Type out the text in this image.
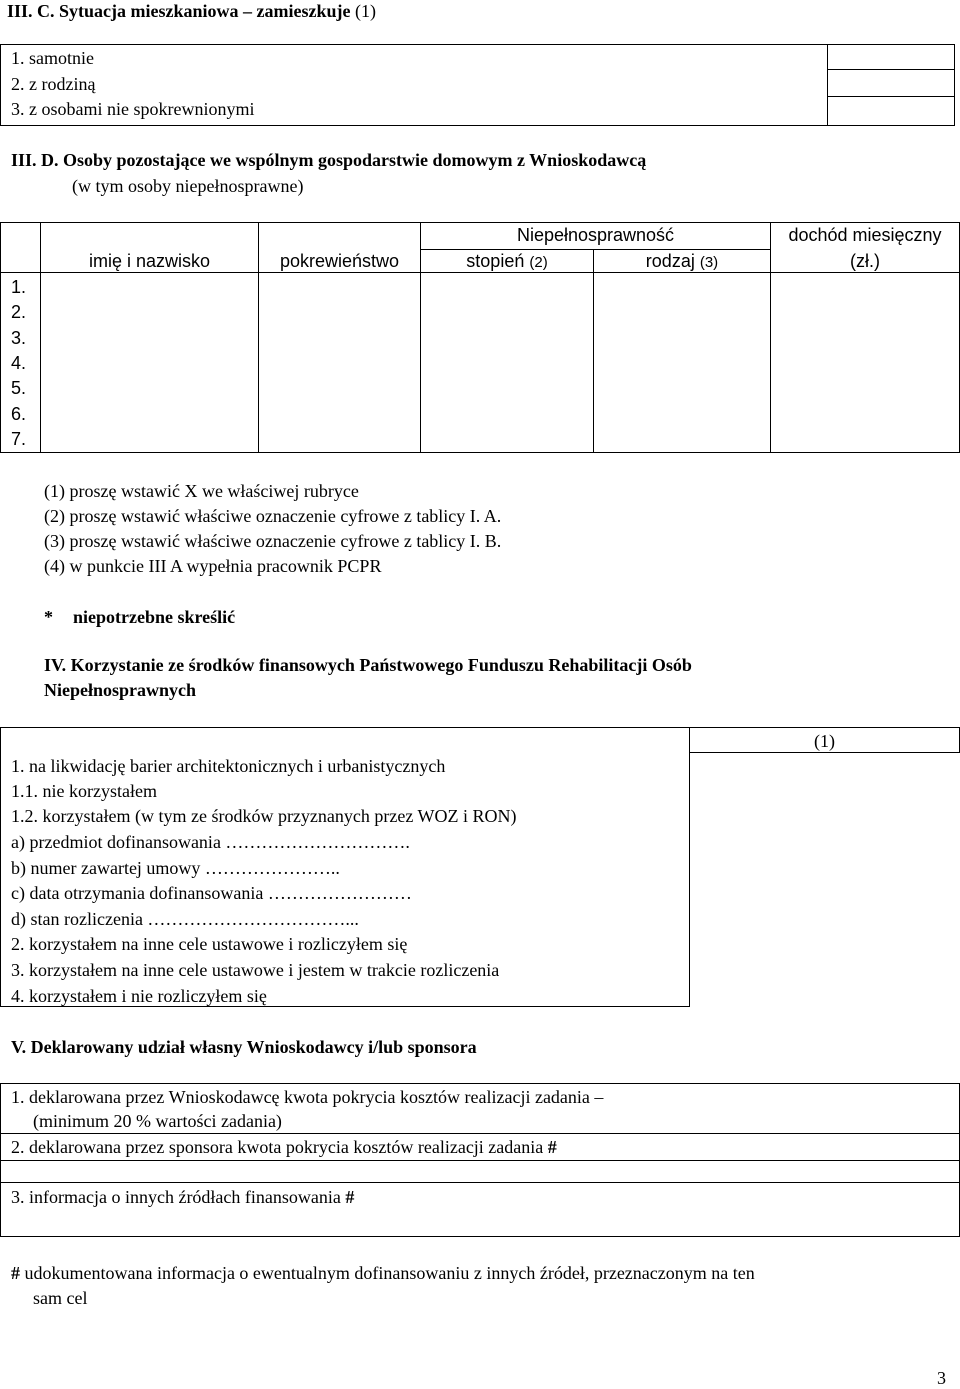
III. C. Sytuacja mieszkaniowa – zamieszkuje (1)
1. samotnie
2. z rodziną
3. z osobami nie spokrewnionymi
III. D. Osoby pozostające we wspólnym gospodarstwie domowym z Wnioskodawcą
(w tym osoby niepełnosprawne)
imię i nazwisko	pokrewieństwo
Niepełnosprawność
stopień (2)	rodzaj (3)
dochód miesięczny
(zł.)
1.
2.
3.
4.
5.
6.
7.
(1) proszę wstawić X we właściwej rubryce
(2) proszę wstawić właściwe oznaczenie cyfrowe z tablicy I. A.
(3) proszę wstawić właściwe oznaczenie cyfrowe z tablicy I. B.
(4) w punkcie III A wypełnia pracownik PCPR
* niepotrzebne skreślić
IV. Korzystanie ze środków finansowych Państwowego Funduszu Rehabilitacji Osób
Niepełnosprawnych
(1)
1. na likwidację barier architektonicznych i urbanistycznych
1.1. nie korzystałem
1.2. korzystałem (w tym ze środków przyznanych przez WOZ i RON)
a) przedmiot dofinansowania ………………………….
b) numer zawartej umowy …………………..
c) data otrzymania dofinansowania ……………………
d) stan rozliczenia ……………………………...
2. korzystałem na inne cele ustawowe i rozliczyłem się
3. korzystałem na inne cele ustawowe i jestem w trakcie rozliczenia
4. korzystałem i nie rozliczyłem się
V. Deklarowany udział własny Wnioskodawcy i/lub sponsora
1. deklarowana przez Wnioskodawcę kwota pokrycia kosztów realizacji zadania –
(minimum 20 % wartości zadania)
2. deklarowana przez sponsora kwota pokrycia kosztów realizacji zadania #
3. informacja o innych źródłach finansowania #
# udokumentowana informacja o ewentualnym dofinansowaniu z innych źródeł, przeznaczonym na ten
sam cel
3
